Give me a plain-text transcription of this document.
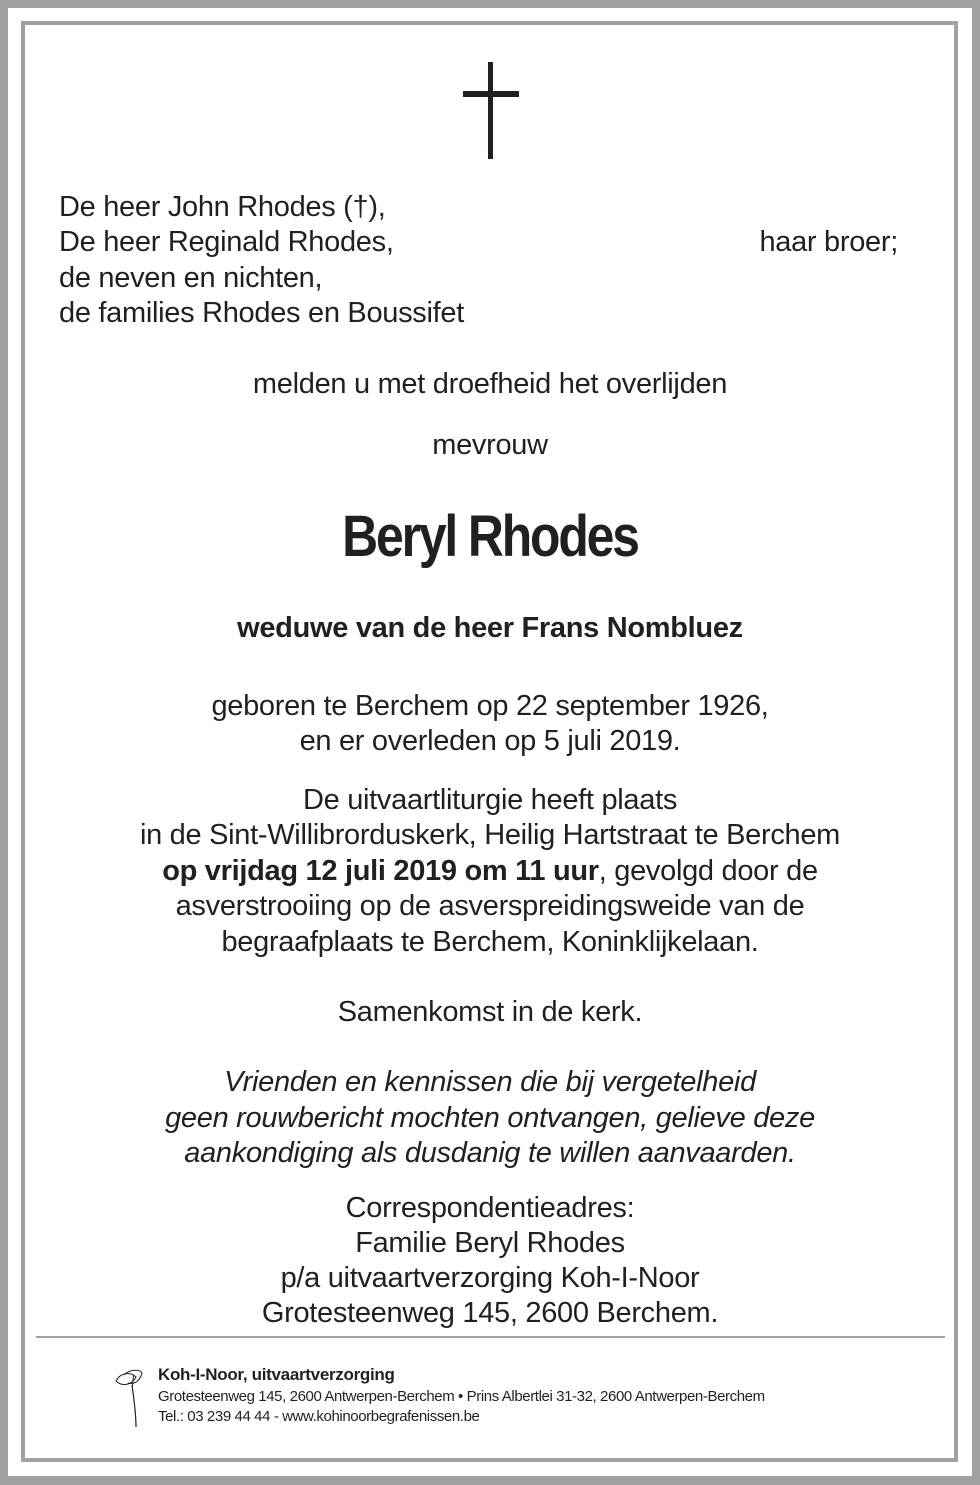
De heer John Rhodes (†),
De heer Reginald Rhodes,	haar broer;
de neven en nichten,
de families Rhodes en Boussifet
melden u met droefheid het overlijden
mevrouw
Beryl Rhodes
weduwe van de heer Frans Nombluez
geboren te Berchem op 22 september 1926,
en er overleden op 5 juli 2019.
De uitvaartliturgie heeft plaats
in de Sint-Willibrorduskerk, Heilig Hartstraat te Berchem
op vrijdag 12 juli 2019 om 11 uur, gevolgd door de
asverstrooiing op de asverspreidingsweide van de
begraafplaats te Berchem, Koninklijkelaan.
Samenkomst in de kerk.
Vrienden en kennissen die bij vergetelheid
geen rouwbericht mochten ontvangen, gelieve deze
aankondiging als dusdanig te willen aanvaarden.
Correspondentieadres:
Familie Beryl Rhodes
p/a uitvaartverzorging Koh-I-Noor
Grotesteenweg 145, 2600 Berchem.
Koh-I-Noor, uitvaartverzorging
Grotesteenweg 145, 2600 Antwerpen-Berchem • Prins Albertlei 31-32, 2600 Antwerpen-Berchem
Tel.: 03 239 44 44 - www.kohinoorbegrafenissen.be
